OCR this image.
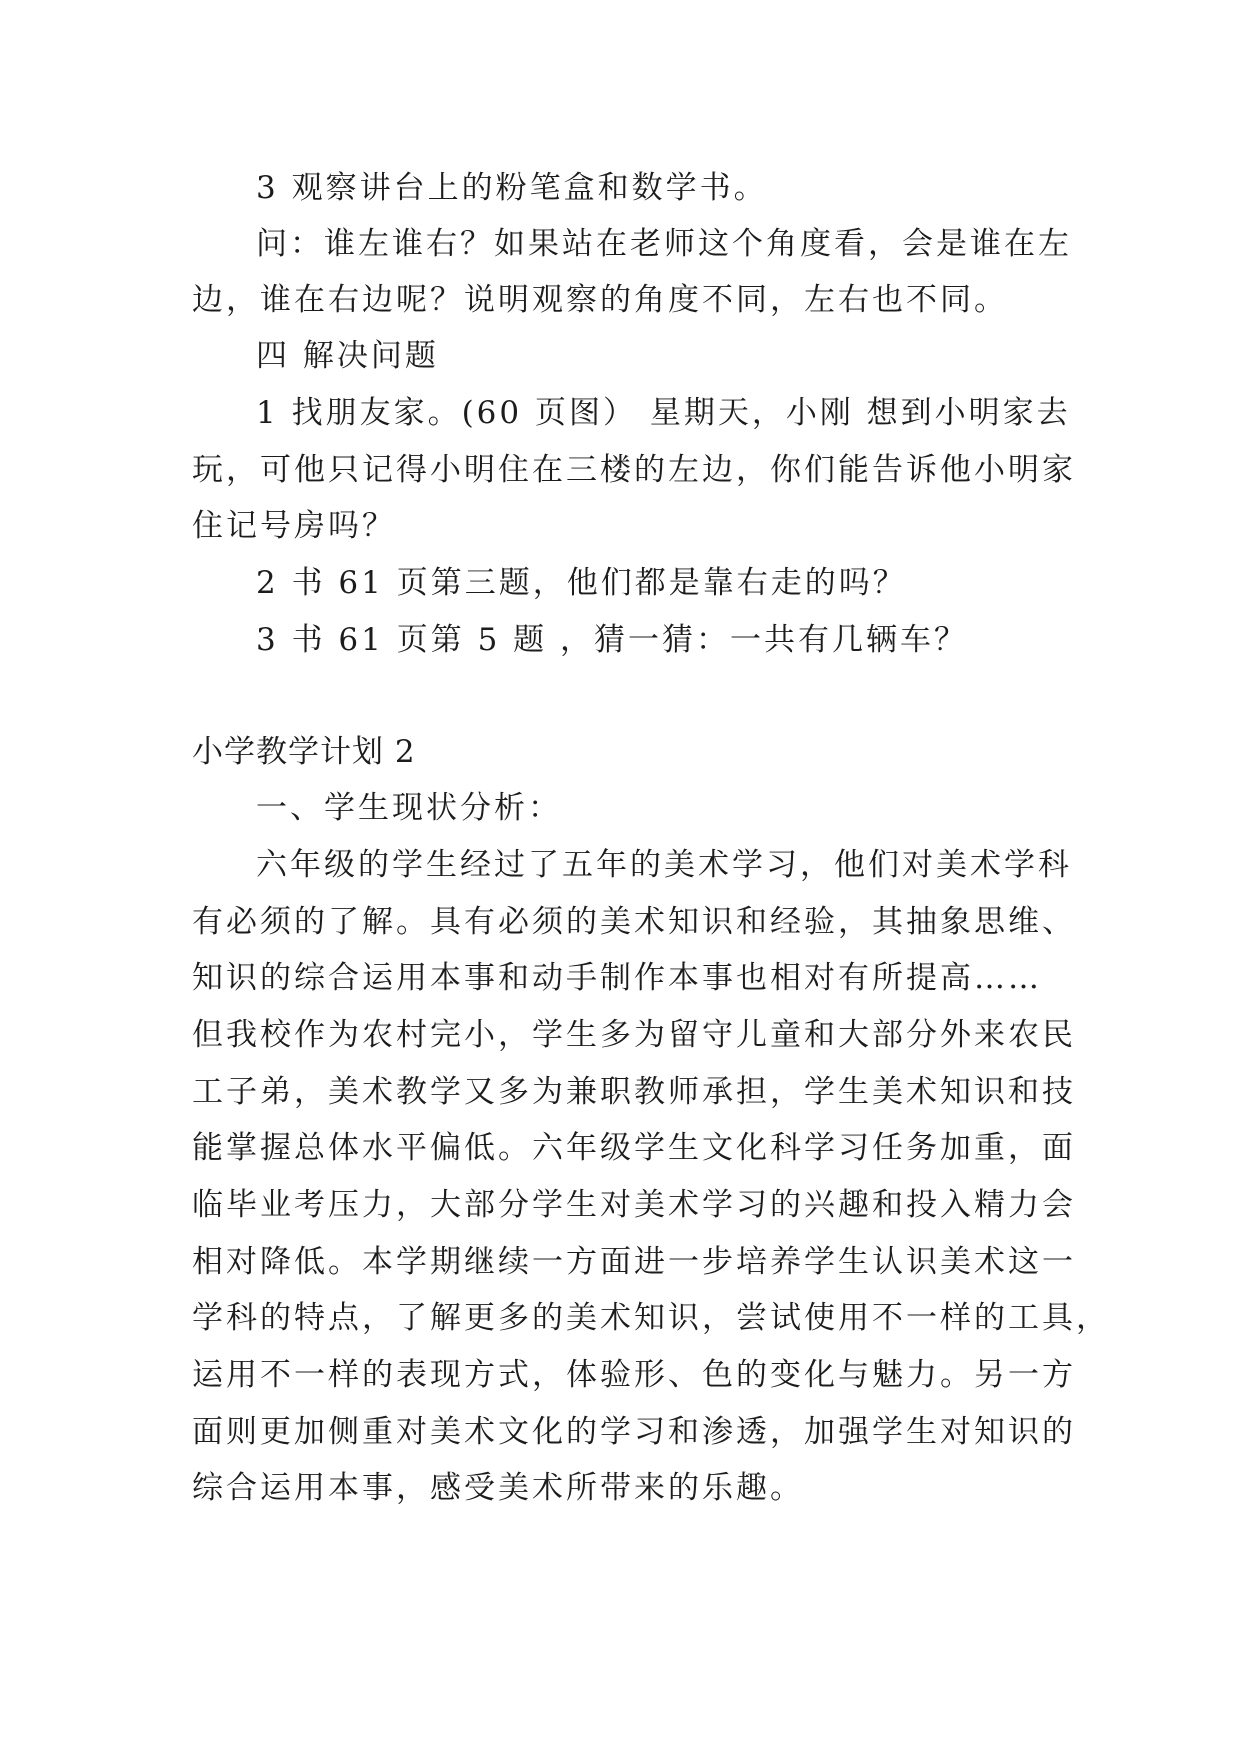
3 观察讲台上的粉笔盒和数学书。
问：谁左谁右？如果站在老师这个角度看，会是谁在左
边，谁在右边呢？说明观察的角度不同，左右也不同。
四 解决问题
1 找朋友家。(60 页图） 星期天，小刚 想到小明家去
玩，可他只记得小明住在三楼的左边，你们能告诉他小明家
住记号房吗？
2 书 61 页第三题，他们都是靠右走的吗？
3 书 61 页第 5 题 ，猜一猜：一共有几辆车？
小学教学计划 2
一、学生现状分析：
六年级的学生经过了五年的美术学习，他们对美术学科
有必须的了解。具有必须的美术知识和经验，其抽象思维、
知识的综合运用本事和动手制作本事也相对有所提高……
但我校作为农村完小，学生多为留守儿童和大部分外来农民
工子弟，美术教学又多为兼职教师承担，学生美术知识和技
能掌握总体水平偏低。六年级学生文化科学习任务加重，面
临毕业考压力，大部分学生对美术学习的兴趣和投入精力会
相对降低。本学期继续一方面进一步培养学生认识美术这一
学科的特点，了解更多的美术知识，尝试使用不一样的工具，
运用不一样的表现方式，体验形、色的变化与魅力。另一方
面则更加侧重对美术文化的学习和渗透，加强学生对知识的
综合运用本事，感受美术所带来的乐趣。
